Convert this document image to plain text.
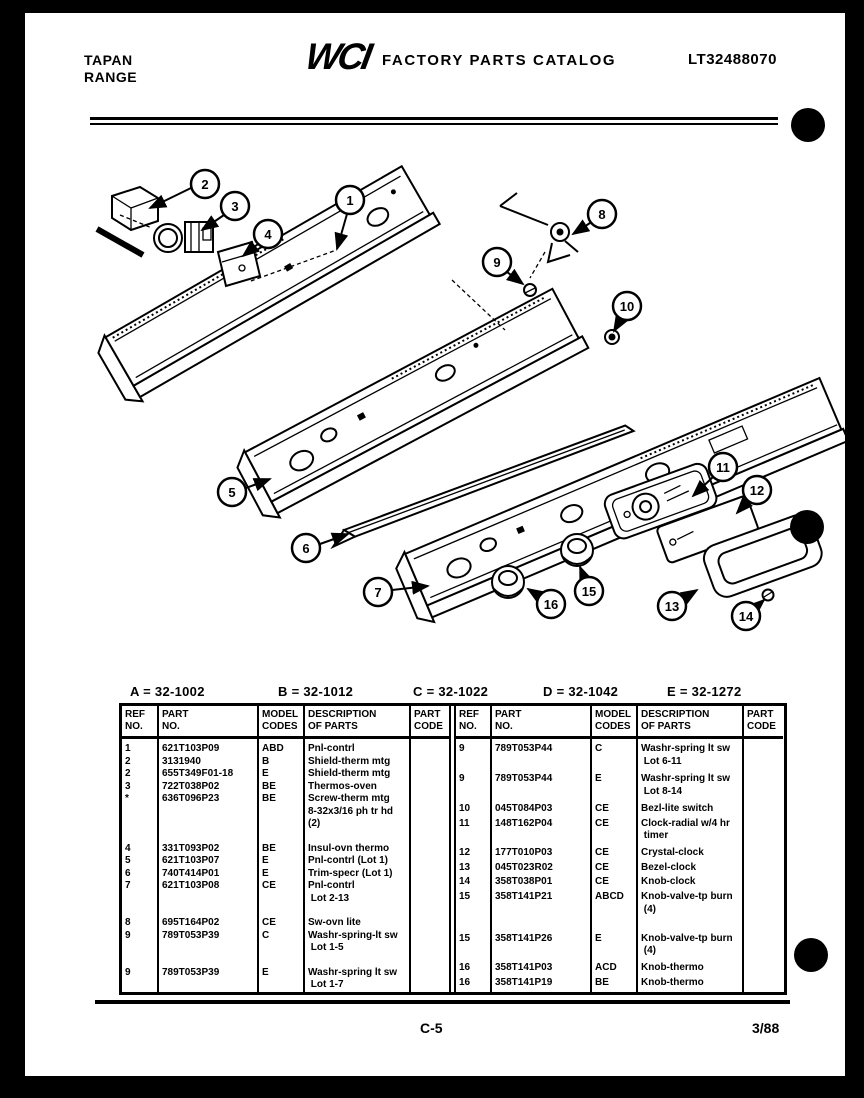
TAPAN
RANGE	WCI FACTORY PARTS CATALOG	LT32488070
1
2
3
4
5
6
7
8
9
10
11
12
13
14
15
16
A = 32-1002	B = 32-1012	C = 32-1022	D = 32-1042	E = 32-1272
REF
NO.

PART
NO.

MODEL
CODES

DESCRIPTION
OF PARTS

PART
CODE

1	621T103P09	ABD	Pnl-contrl	

2	3131940	B	Shield-therm mtg	

2	655T349F01-18	E	Shield-therm mtg	

3	722T038P02	BE	Thermos-oven	

*	636T096P23	BE	Screw-therm mtg
8-32x3/16 ph tr hd
(2)	

4	331T093P02	BE	Insul-ovn thermo	

5	621T103P07	E	Pnl-contrl (Lot 1)	

6	740T414P01	E	Trim-specr (Lot 1)	

7	621T103P08	CE	Pnl-contrl
Lot 2-13	

8	695T164P02	CE	Sw-ovn lite	

9	789T053P39	C	Washr-spring-lt sw
Lot 1-5	

9	789T053P39	E	Washr-spring lt sw
Lot 1-7	

REF
NO.

PART
NO.

MODEL
CODES

DESCRIPTION
OF PARTS

PART
CODE

9	789T053P44	C	Washr-spring lt sw
Lot 6-11	

9	789T053P44	E	Washr-spring lt sw
Lot 8-14	

10	045T084P03	CE	Bezl-lite switch	

11	148T162P04	CE	Clock-radial w/4 hr
timer	

12	177T010P03	CE	Crystal-clock	

13	045T023R02	CE	Bezel-clock	

14	358T038P01	CE	Knob-clock	

15	358T141P21	ABCD	Knob-valve-tp burn
(4)	

15	358T141P26	E	Knob-valve-tp burn
(4)	

16	358T141P03	ACD	Knob-thermo	

16	358T141P19	BE	Knob-thermo	

C-5	3/88
